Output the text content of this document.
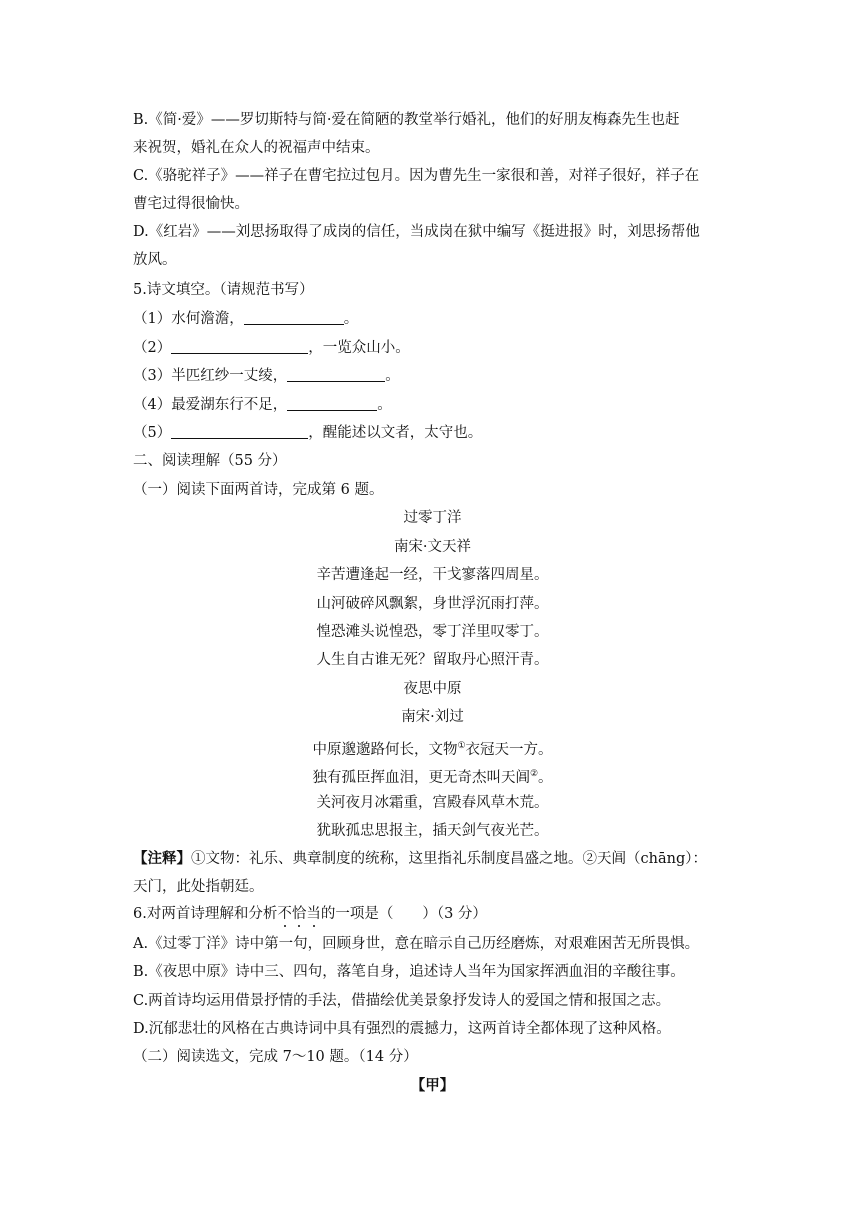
B.《简·爱》——罗切斯特与简·爱在简陋的教堂举行婚礼，他们的好朋友梅森先生也赶
来祝贺，婚礼在众人的祝福声中结束。
C.《骆驼祥子》——祥子在曹宅拉过包月。因为曹先生一家很和善，对祥子很好，祥子在
曹宅过得很愉快。
D.《红岩》——刘思扬取得了成岗的信任，当成岗在狱中编写《挺进报》时，刘思扬帮他
放风。
5.诗文填空。（请规范书写）
（1）水何澹澹，	。
（2）	，一览众山小。
（3）半匹红纱一丈绫，	。
（4）最爱湖东行不足，	。
（5）	，醒能述以文者，太守也。
二、阅读理解（55 分）
（一）阅读下面两首诗，完成第 6 题。
过零丁洋
南宋·文天祥
辛苦遭逢起一经，干戈寥落四周星。
山河破碎风飘絮，身世浮沉雨打萍。
惶恐滩头说惶恐，零丁洋里叹零丁。
人生自古谁无死？留取丹心照汗青。
夜思中原
南宋·刘过
中原邈邈路何长，文物①衣冠天一方。
独有孤臣挥血泪，更无奇杰叫天阊②。
关河夜月冰霜重，宫殿春风草木荒。
犹耿孤忠思报主，插天剑气夜光芒。
【注释】①文物：礼乐、典章制度的统称，这里指礼乐制度昌盛之地。②天阊（chāng）：
天门，此处指朝廷。
6.对两首诗理解和分析不恰当的一项是（　　）（3 分）
A.《过零丁洋》诗中第一句，回顾身世，意在暗示自己历经磨炼，对艰难困苦无所畏惧。
B.《夜思中原》诗中三、四句，落笔自身，追述诗人当年为国家挥洒血泪的辛酸往事。
C.两首诗均运用借景抒情的手法，借描绘优美景象抒发诗人的爱国之情和报国之志。
D.沉郁悲壮的风格在古典诗词中具有强烈的震撼力，这两首诗全都体现了这种风格。
（二）阅读选文，完成 7～10 题。（14 分）
【甲】
